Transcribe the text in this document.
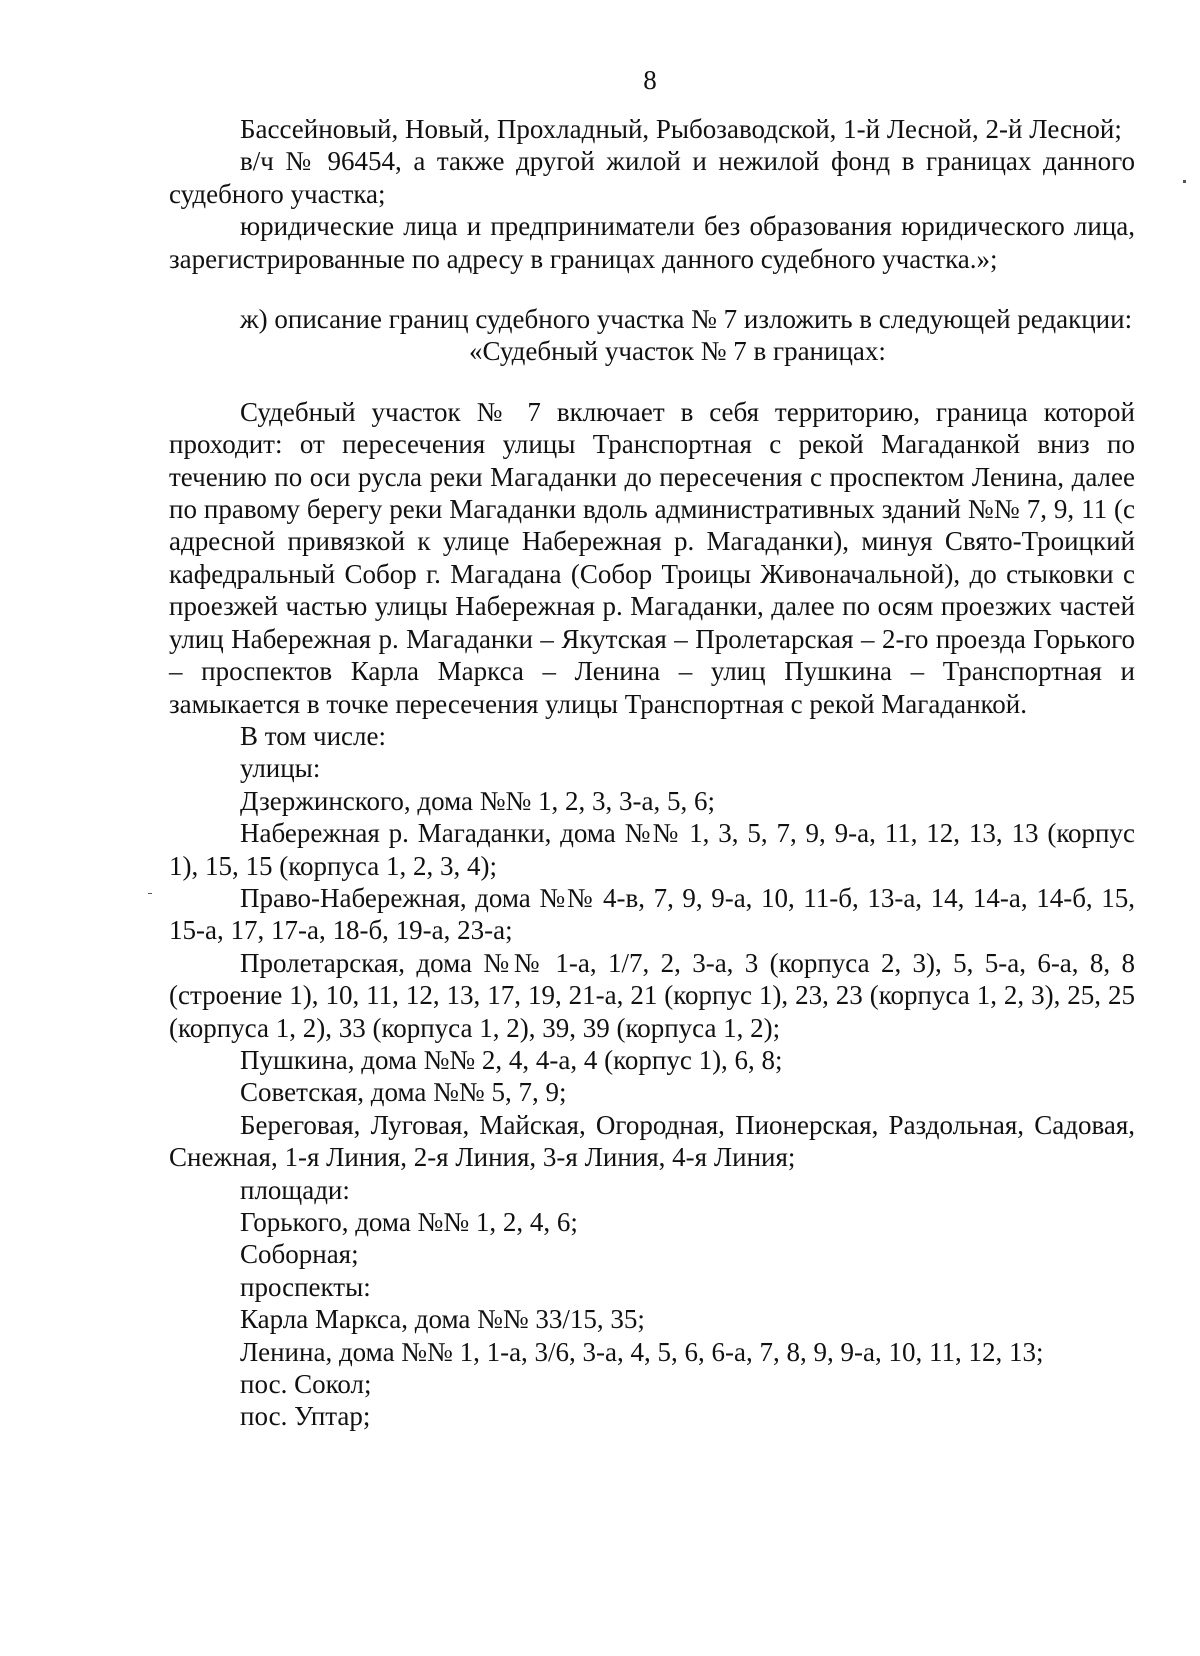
8

Бассейновый, Новый, Прохладный, Рыбозаводской, 1-й Лесной, 2-й Лесной;

в/ч № 96454, а также другой жилой и нежилой фонд в границах данного судебного участка;

юридические лица и предприниматели без образования юридического лица, зарегистрированные по адресу в границах данного судебного участка.»;

ж) описание границ судебного участка № 7 изложить в следующей редакции:

«Судебный участок № 7 в границах:

Судебный участок № 7 включает в себя территорию, граница которой проходит: от пересечения улицы Транспортная с рекой Магаданкой вниз по течению по оси русла реки Магаданки до пересечения с проспектом Ленина, далее по правому берегу реки Магаданки вдоль административных зданий №№ 7, 9, 11 (с адресной привязкой к улице Набережная р. Магаданки), минуя Свято-Троицкий кафедральный Собор г. Магадана (Собор Троицы Живоначальной), до стыковки с проезжей частью улицы Набережная р. Магаданки, далее по осям проезжих частей улиц Набережная р. Магаданки – Якутская – Пролетарская – 2-го проезда Горького – проспектов Карла Маркса – Ленина – улиц Пушкина – Транспортная и замыкается в точке пересечения улицы Транспортная с рекой Магаданкой.

В том числе:

улицы:

Дзержинского, дома №№ 1, 2, 3, 3-а, 5, 6;

Набережная р. Магаданки, дома №№ 1, 3, 5, 7, 9, 9-а, 11, 12, 13, 13 (корпус 1), 15, 15 (корпуса 1, 2, 3, 4);

Право-Набережная, дома №№ 4-в, 7, 9, 9-а, 10, 11-б, 13-а, 14, 14-а, 14-б, 15, 15-а, 17, 17-а, 18-б, 19-а, 23-а;

Пролетарская, дома №№ 1-а, 1/7, 2, 3-а, 3 (корпуса 2, 3), 5, 5-а, 6-а, 8, 8 (строение 1), 10, 11, 12, 13, 17, 19, 21-а, 21 (корпус 1), 23, 23 (корпуса 1, 2, 3), 25, 25 (корпуса 1, 2), 33 (корпуса 1, 2), 39, 39 (корпуса 1, 2);

Пушкина, дома №№ 2, 4, 4-а, 4 (корпус 1), 6, 8;

Советская, дома №№ 5, 7, 9;

Береговая, Луговая, Майская, Огородная, Пионерская, Раздольная, Садовая, Снежная, 1-я Линия, 2-я Линия, 3-я Линия, 4-я Линия;

площади:

Горького, дома №№ 1, 2, 4, 6;

Соборная;

проспекты:

Карла Маркса, дома №№ 33/15, 35;

Ленина, дома №№ 1, 1-а, 3/6, 3-а, 4, 5, 6, 6-а, 7, 8, 9, 9-а, 10, 11, 12, 13;

пос. Сокол;

пос. Уптар;
